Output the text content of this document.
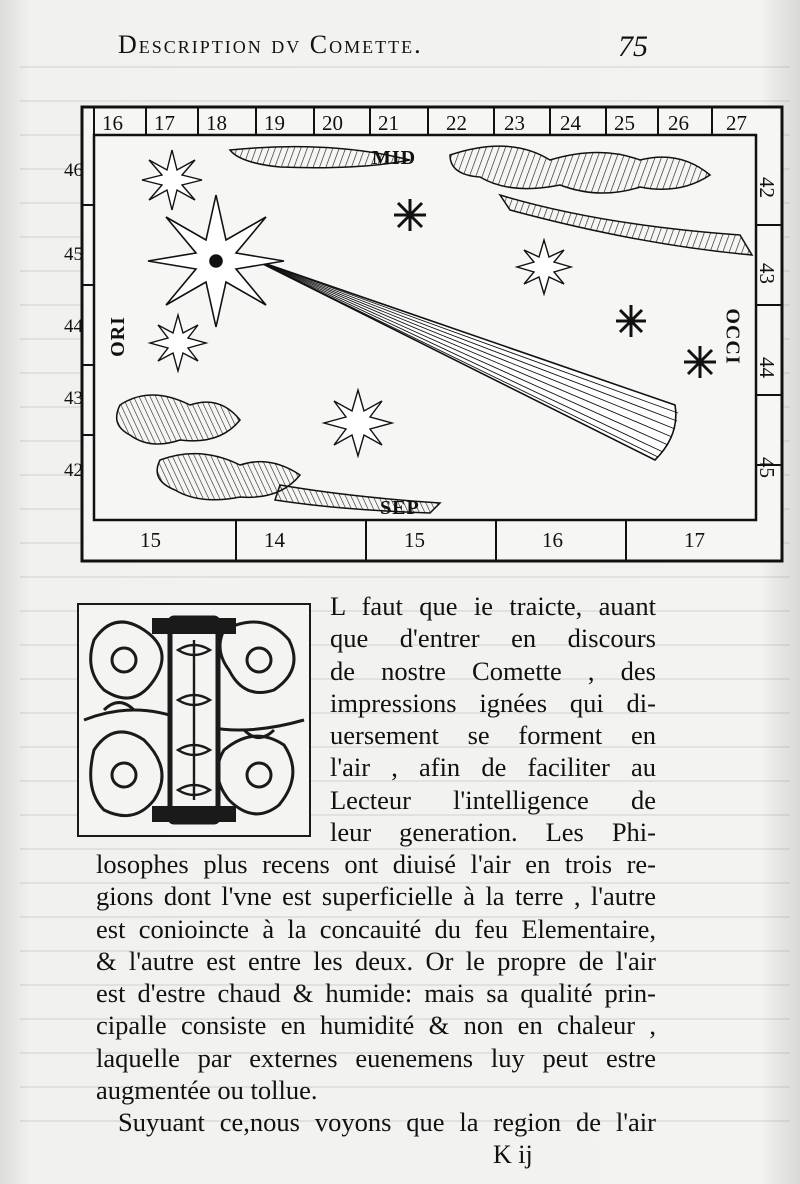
Description dv Comette.	75
16 17 18 19 20 21 22 23 24 25 26 27
15	14	15	16	17
46
45
44
43
42
42
43
44
45
MID
SEP
ORI	OCCI
L faut que ie traicte, auant
que d'entrer en discours
de nostre Comette , des
impressions ignées qui di-
uersement se forment en
l'air , afin de faciliter au
Lecteur l'intelligence de
leur generation. Les Phi-
losophes plus recens ont diuisé l'air en trois re-
gions dont l'vne est superficielle à la terre , l'autre
est conioincte à la concauité du feu Elementaire,
& l'autre est entre les deux. Or le propre de l'air
est d'estre chaud & humide: mais sa qualité prin-
cipalle consiste en humidité & non en chaleur ,
laquelle par externes euenemens luy peut estre
augmentée ou tollue.
Suyuant ce,nous voyons que la region de l'air
K ij
